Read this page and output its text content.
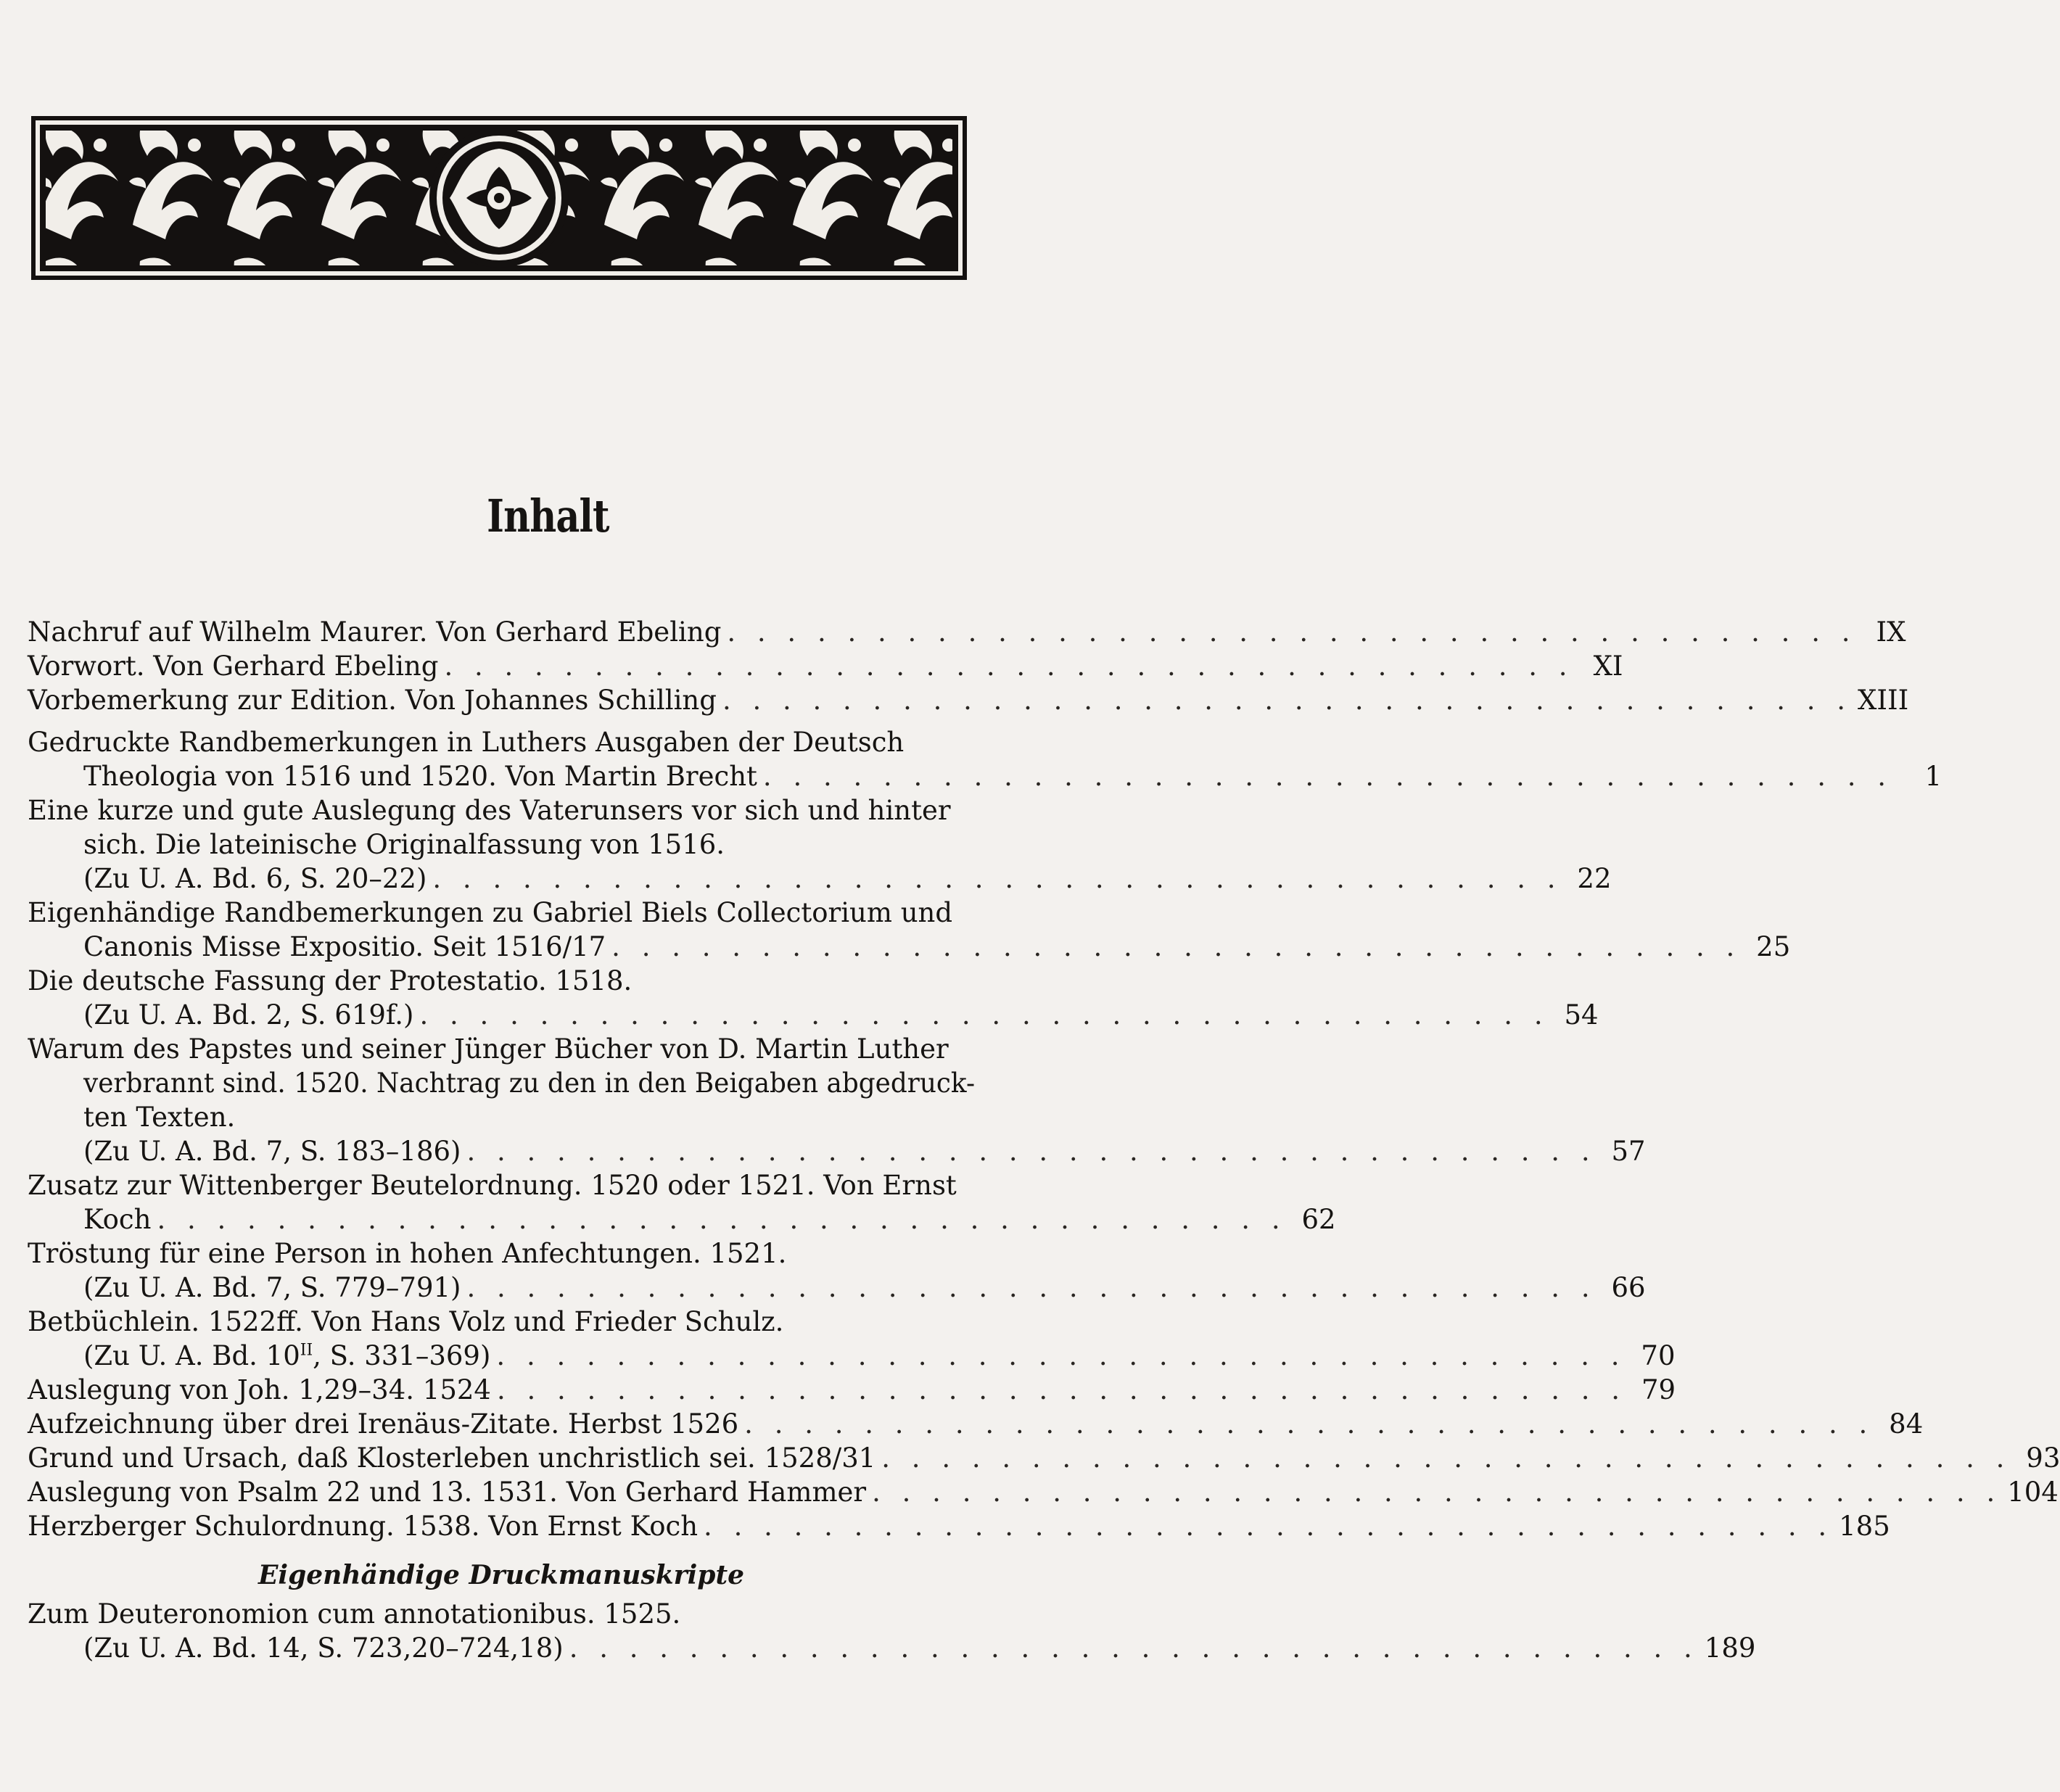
Inhalt
Nachruf auf Wilhelm Maurer. Von Gerhard Ebeling . . . . . . . . . . . . . . . . . . . . . . . . . . . . . . . . . . . . . . IX
Vorwort. Von Gerhard Ebeling . . . . . . . . . . . . . . . . . . . . . . . . . . . . . . . . . . . . . . XI
Vorbemerkung zur Edition. Von Johannes Schilling . . . . . . . . . . . . . . . . . . . . . . . . . . . . . . . . . . . . . . XIII
Gedruckte Randbemerkungen in Luthers Ausgaben der Deutsch
Theologia von 1516 und 1520. Von Martin Brecht . . . . . . . . . . . . . . . . . . . . . . . . . . . . . . . . . . . . . .	1
Eine kurze und gute Auslegung des Vaterunsers vor sich und hinter
sich. Die lateinische Originalfassung von 1516.
(Zu U. A. Bd. 6, S. 20–22) . . . . . . . . . . . . . . . . . . . . . . . . . . . . . . . . . . . . . . 22
Eigenhändige Randbemerkungen zu Gabriel Biels Collectorium und
Canonis Misse Expositio. Seit 1516/17 . . . . . . . . . . . . . . . . . . . . . . . . . . . . . . . . . . . . . . 25
Die deutsche Fassung der Protestatio. 1518.
(Zu U. A. Bd. 2, S. 619f.) . . . . . . . . . . . . . . . . . . . . . . . . . . . . . . . . . . . . . . 54
Warum des Papstes und seiner Jünger Bücher von D. Martin Luther
verbrannt sind. 1520. Nachtrag zu den in den Beigaben abgedruck-
ten Texten.
(Zu U. A. Bd. 7, S. 183–186) . . . . . . . . . . . . . . . . . . . . . . . . . . . . . . . . . . . . . . 57
Zusatz zur Wittenberger Beutelordnung. 1520 oder 1521. Von Ernst
Koch . . . . . . . . . . . . . . . . . . . . . . . . . . . . . . . . . . . . . . 62
Tröstung für eine Person in hohen Anfechtungen. 1521.
(Zu U. A. Bd. 7, S. 779–791) . . . . . . . . . . . . . . . . . . . . . . . . . . . . . . . . . . . . . . 66
Betbüchlein. 1522ff. Von Hans Volz und Frieder Schulz.
(Zu U. A. Bd. $10^{II}$, S. 331–369) . . . . . . . . . . . . . . . . . . . . . . . . . . . . . . . . . . . . . . 70
Auslegung von Joh. 1,29–34. 1524 . . . . . . . . . . . . . . . . . . . . . . . . . . . . . . . . . . . . . . 79
Aufzeichnung über drei Irenäus-Zitate. Herbst 1526 . . . . . . . . . . . . . . . . . . . . . . . . . . . . . . . . . . . . . . 84
Grund und Ursach, daß Klosterleben unchristlich sei. 1528/31 . . . . . . . . . . . . . . . . . . . . . . . . . . . . . . . . . . . . . . 93
Auslegung von Psalm 22 und 13. 1531. Von Gerhard Hammer . . . . . . . . . . . . . . . . . . . . . . . . . . . . . . . . . . . . . . 104
Herzberger Schulordnung. 1538. Von Ernst Koch . . . . . . . . . . . . . . . . . . . . . . . . . . . . . . . . . . . . . . 185
Eigenhändige Druckmanuskripte
Zum Deuteronomion cum annotationibus. 1525.
(Zu U. A. Bd. 14, S. 723,20–724,18) . . . . . . . . . . . . . . . . . . . . . . . . . . . . . . . . . . . . . . 189
